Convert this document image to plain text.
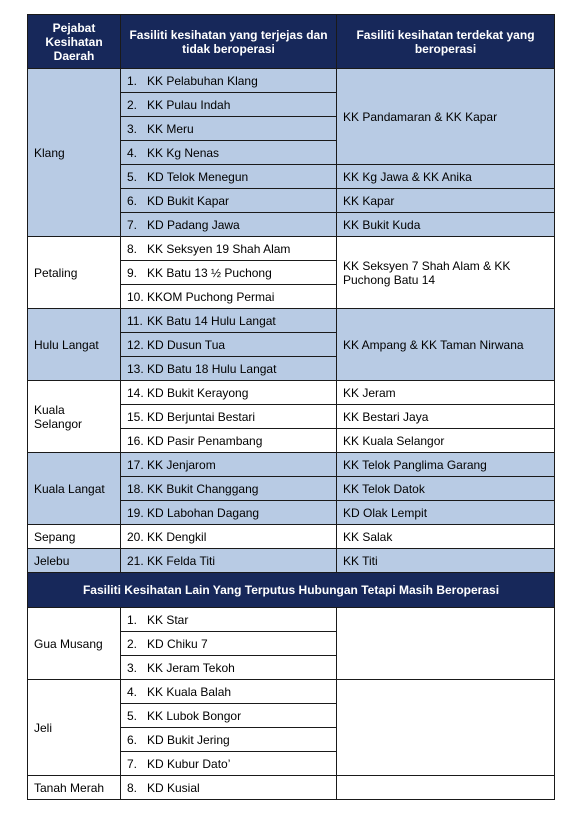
Pejabat Kesihatan Daerah	Fasiliti kesihatan yang terjejas dan tidak beroperasi	Fasiliti kesihatan terdekat yang beroperasi
Klang	1. KK Pelabuhan Klang	KK Pandamaran & KK Kapar
	2. KK Pulau Indah	
	3. KK Meru	
	4. KK Kg Nenas	
	5. KD Telok Menegun	KK Kg Jawa & KK Anika
	6. KD Bukit Kapar	KK Kapar
	7. KD Padang Jawa	KK Bukit Kuda
Petaling	8. KK Seksyen 19 Shah Alam	KK Seksyen 7 Shah Alam & KK Puchong Batu 14
	9. KK Batu 13 ½ Puchong	
	10. KKOM Puchong Permai	
Hulu Langat	11. KK Batu 14 Hulu Langat	KK Ampang & KK Taman Nirwana
	12. KD Dusun Tua	
	13. KD Batu 18 Hulu Langat	
Kuala Selangor	14. KD Bukit Kerayong	KK Jeram
	15. KD Berjuntai Bestari	KK Bestari Jaya
	16. KD Pasir Penambang	KK Kuala Selangor
Kuala Langat	17. KK Jenjarom	KK Telok Panglima Garang
	18. KK Bukit Changgang	KK Telok Datok
	19. KD Labohan Dagang	KD Olak Lempit
Sepang	20. KK Dengkil	KK Salak
Jelebu	21. KK Felda Titi	KK Titi
Fasiliti Kesihatan Lain Yang Terputus Hubungan Tetapi Masih Beroperasi		
Gua Musang	1. KK Star	
	2. KD Chiku 7	
	3. KK Jeram Tekoh	
Jeli	4. KK Kuala Balah	
	5. KK Lubok Bongor	
	6. KD Bukit Jering	
	7. KD Kubur Dato’	
Tanah Merah	8. KD Kusial	
